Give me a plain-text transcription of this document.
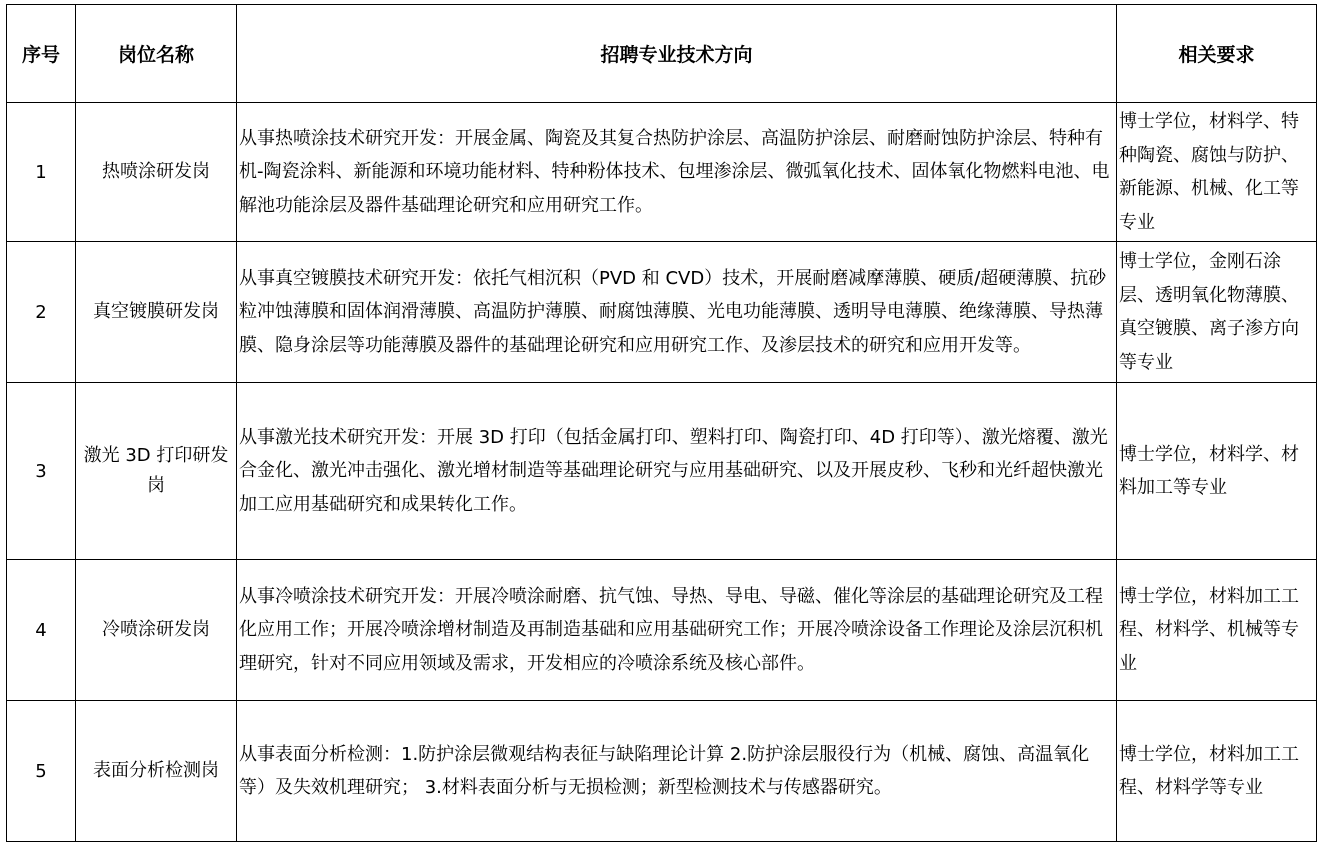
序号	岗位名称	招聘专业技术方向	相关要求
1	热喷涂研发岗	从事热喷涂技术研究开发：开展金属、陶瓷及其复合热防护涂层、高温防护涂层、耐磨耐蚀防护涂层、特种有机-陶瓷涂料、新能源和环境功能材料、特种粉体技术、包埋渗涂层、微弧氧化技术、固体氧化物燃料电池、电解池功能涂层及器件基础理论研究和应用研究工作。	博士学位，材料学、特种陶瓷、腐蚀与防护、新能源、机械、化工等专业
2	真空镀膜研发岗	从事真空镀膜技术研究开发：依托气相沉积（PVD 和 CVD）技术，开展耐磨减摩薄膜、硬质/超硬薄膜、抗砂粒冲蚀薄膜和固体润滑薄膜、高温防护薄膜、耐腐蚀薄膜、光电功能薄膜、透明导电薄膜、绝缘薄膜、导热薄膜、隐身涂层等功能薄膜及器件的基础理论研究和应用研究工作、及渗层技术的研究和应用开发等。	博士学位，金刚石涂层、透明氧化物薄膜、真空镀膜、离子渗方向等专业
3	激光 3D 打印研发岗	从事激光技术研究开发：开展 3D 打印（包括金属打印、塑料打印、陶瓷打印、4D 打印等）、激光熔覆、激光合金化、激光冲击强化、激光增材制造等基础理论研究与应用基础研究、以及开展皮秒、飞秒和光纤超快激光加工应用基础研究和成果转化工作。	博士学位，材料学、材料加工等专业
4	冷喷涂研发岗	从事冷喷涂技术研究开发：开展冷喷涂耐磨、抗气蚀、导热、导电、导磁、催化等涂层的基础理论研究及工程化应用工作；开展冷喷涂增材制造及再制造基础和应用基础研究工作；开展冷喷涂设备工作理论及涂层沉积机理研究，针对不同应用领域及需求，开发相应的冷喷涂系统及核心部件。	博士学位，材料加工工程、材料学、机械等专业
5	表面分析检测岗	从事表面分析检测：1.防护涂层微观结构表征与缺陷理论计算 2.防护涂层服役行为（机械、腐蚀、高温氧化等）及失效机理研究； 3.材料表面分析与无损检测；新型检测技术与传感器研究。	博士学位，材料加工工程、材料学等专业
